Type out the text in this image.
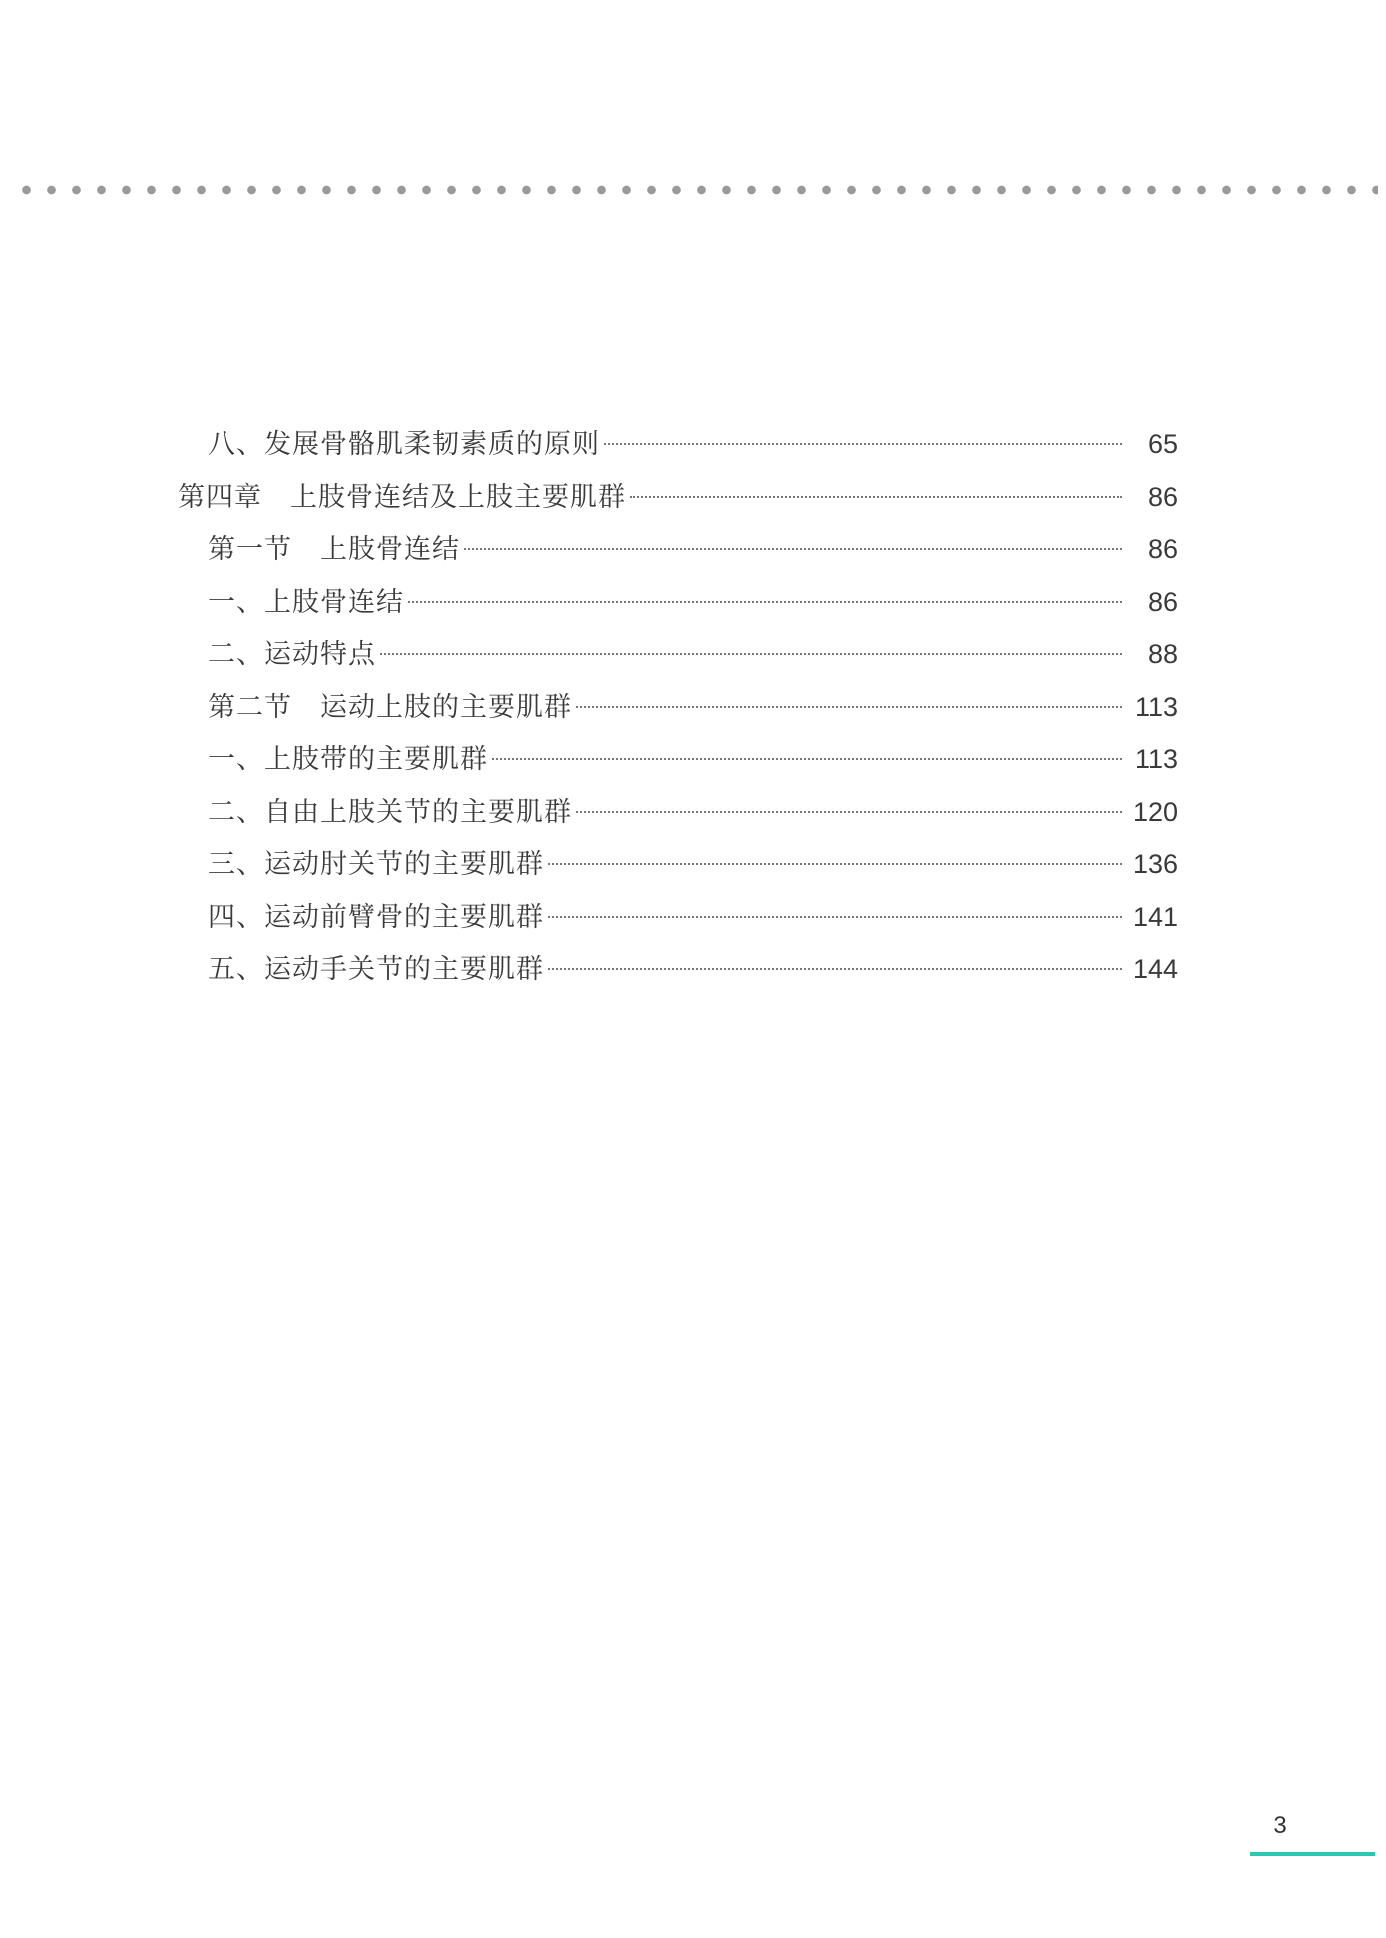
八、发展骨骼肌柔韧素质的原则	65
第四章　上肢骨连结及上肢主要肌群	86
第一节　上肢骨连结	86
一、上肢骨连结	86
二、运动特点	88
第二节　运动上肢的主要肌群	113
一、上肢带的主要肌群	113
二、自由上肢关节的主要肌群	120
三、运动肘关节的主要肌群	136
四、运动前臂骨的主要肌群	141
五、运动手关节的主要肌群	144
3
